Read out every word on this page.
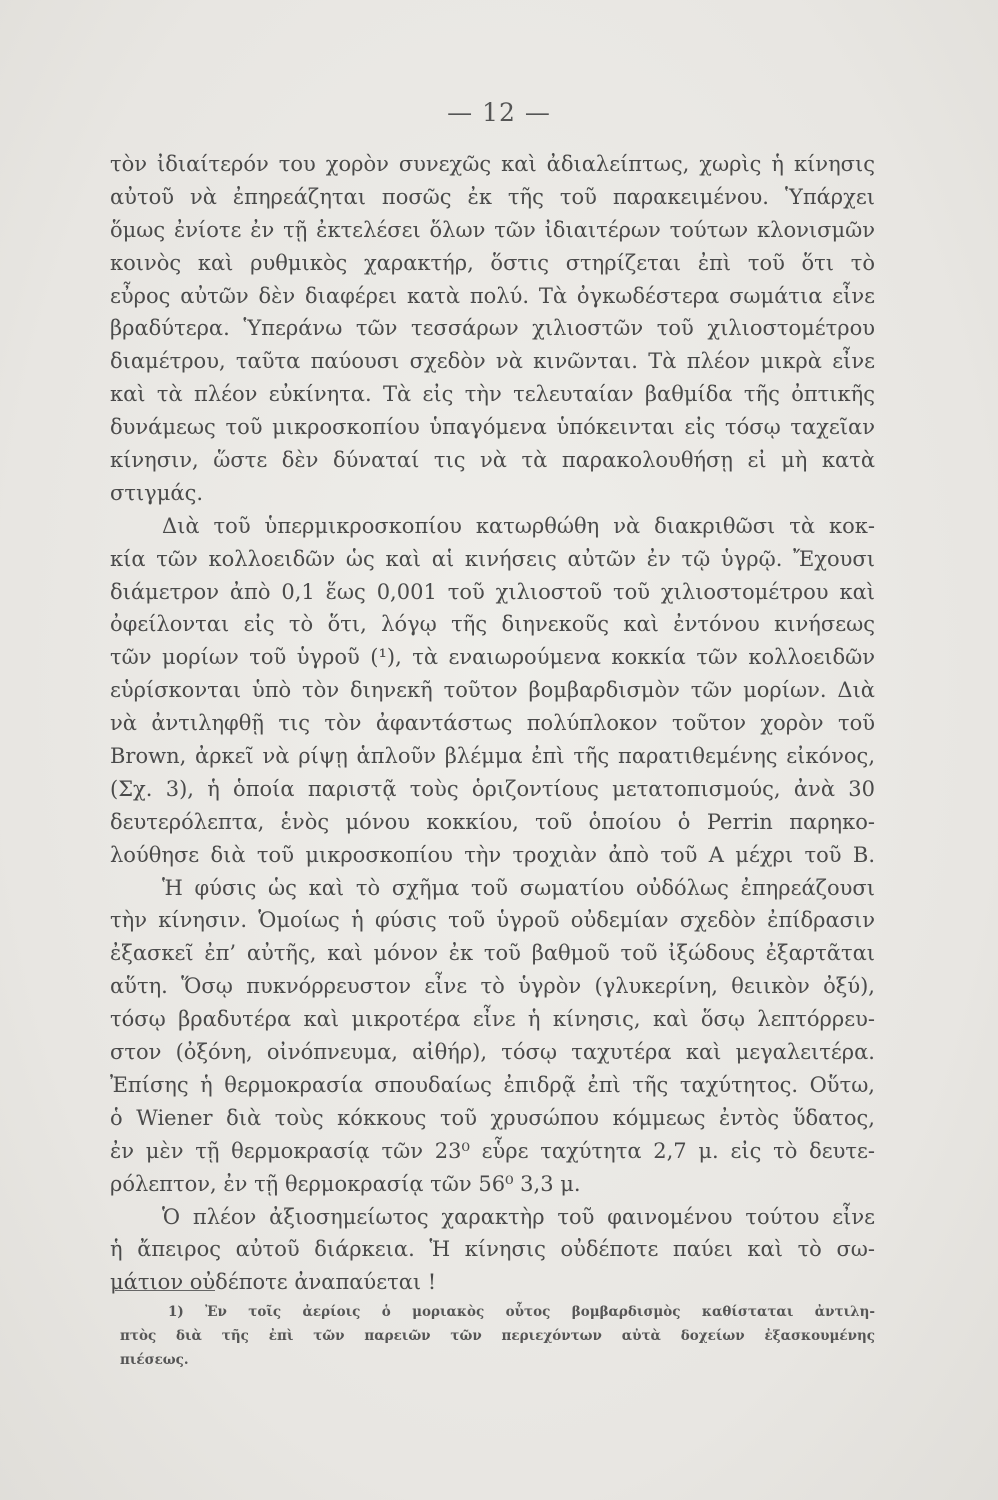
— 12 —
τὸν ἰδιαίτερόν του χορὸν συνεχῶς καὶ ἀδιαλείπτως, χωρὶς ἡ κίνησις
αὐτοῦ νὰ ἐπηρεάζηται ποσῶς ἐκ τῆς τοῦ παρακειμένου. Ὑπάρχει
ὅμως ἐνίοτε ἐν τῇ ἐκτελέσει ὅλων τῶν ἰδιαιτέρων τούτων κλονισμῶν
κοινὸς καὶ ρυθμικὸς χαρακτήρ, ὅστις στηρίζεται ἐπὶ τοῦ ὅτι τὸ
εὖρος αὐτῶν δὲν διαφέρει κατὰ πολύ. Τὰ ὀγκωδέστερα σωμάτια εἶνε
βραδύτερα. Ὑπεράνω τῶν τεσσάρων χιλιοστῶν τοῦ χιλιοστομέτρου
διαμέτρου, ταῦτα παύουσι σχεδὸν νὰ κινῶνται. Τὰ πλέον μικρὰ εἶνε
καὶ τὰ πλέον εὐκίνητα. Τὰ εἰς τὴν τελευταίαν βαθμίδα τῆς ὀπτικῆς
δυνάμεως τοῦ μικροσκοπίου ὑπαγόμενα ὑπόκεινται εἰς τόσῳ ταχεῖαν
κίνησιν, ὥστε δὲν δύναταί τις νὰ τὰ παρακολουθήσῃ εἰ μὴ κατὰ
στιγμάς.
Διὰ τοῦ ὑπερμικροσκοπίου κατωρθώθη νὰ διακριθῶσι τὰ κοκ-
κία τῶν κολλοειδῶν ὡς καὶ αἱ κινήσεις αὐτῶν ἐν τῷ ὑγρῷ. Ἔχουσι
διάμετρον ἀπὸ 0,1 ἕως 0,001 τοῦ χιλιοστοῦ τοῦ χιλιοστομέτρου καὶ
ὀφείλονται εἰς τὸ ὅτι, λόγῳ τῆς διηνεκοῦς καὶ ἐντόνου κινήσεως
τῶν μορίων τοῦ ὑγροῦ (¹), τὰ εναιωρούμενα κοκκία τῶν κολλοειδῶν
εὑρίσκονται ὑπὸ τὸν διηνεκῆ τοῦτον βομβαρδισμὸν τῶν μορίων. Διὰ
νὰ ἀντιληφθῇ τις τὸν ἀφαντάστως πολύπλοκον τοῦτον χορὸν τοῦ
Brown, ἀρκεῖ νὰ ρίψῃ ἁπλοῦν βλέμμα ἐπὶ τῆς παρατιθεμένης εἰκόνος,
(Σχ. 3), ἡ ὁποία παριστᾷ τοὺς ὁριζοντίους μετατοπισμούς, ἀνὰ 30
δευτερόλεπτα, ἑνὸς μόνου κοκκίου, τοῦ ὁποίου ὁ Perrin παρηκο-
λούθησε διὰ τοῦ μικροσκοπίου τὴν τροχιὰν ἀπὸ τοῦ A μέχρι τοῦ B.
Ἡ φύσις ὡς καὶ τὸ σχῆμα τοῦ σωματίου οὐδόλως ἐπηρεάζουσι
τὴν κίνησιν. Ὁμοίως ἡ φύσις τοῦ ὑγροῦ οὐδεμίαν σχεδὸν ἐπίδρασιν
ἐξασκεῖ ἐπ’ αὐτῆς, καὶ μόνον ἐκ τοῦ βαθμοῦ τοῦ ἰξώδους ἐξαρτᾶται
αὕτη. Ὅσῳ πυκνόρρευστον εἶνε τὸ ὑγρὸν (γλυκερίνη, θειικὸν ὀξύ),
τόσῳ βραδυτέρα καὶ μικροτέρα εἶνε ἡ κίνησις, καὶ ὅσῳ λεπτόρρευ-
στον (ὀξόνη, οἰνόπνευμα, αἰθήρ), τόσῳ ταχυτέρα καὶ μεγαλειτέρα.
Ἐπίσης ἡ θερμοκρασία σπουδαίως ἐπιδρᾷ ἐπὶ τῆς ταχύτητος. Οὕτω,
ὁ Wiener διὰ τοὺς κόκκους τοῦ χρυσώπου κόμμεως ἐντὸς ὕδατος,
ἐν μὲν τῇ θερμοκρασίᾳ τῶν 23⁰ εὗρε ταχύτητα 2,7 μ. εἰς τὸ δευτε-
ρόλεπτον, ἐν τῇ θερμοκρασίᾳ τῶν 56⁰ 3,3 μ.
Ὁ πλέον ἀξιοσημείωτος χαρακτὴρ τοῦ φαινομένου τούτου εἶνε
ἡ ἄπειρος αὐτοῦ διάρκεια. Ἡ κίνησις οὐδέποτε παύει καὶ τὸ σω-
μάτιον οὐδέποτε ἀναπαύεται !
1) Ἐν τοῖς ἀερίοις ὁ μοριακὸς οὗτος βομβαρδισμὸς καθίσταται ἀντιλη-
πτὸς διὰ τῆς ἐπὶ τῶν παρειῶν τῶν περιεχόντων αὐτὰ δοχείων ἐξασκουμένης
πιέσεως.
